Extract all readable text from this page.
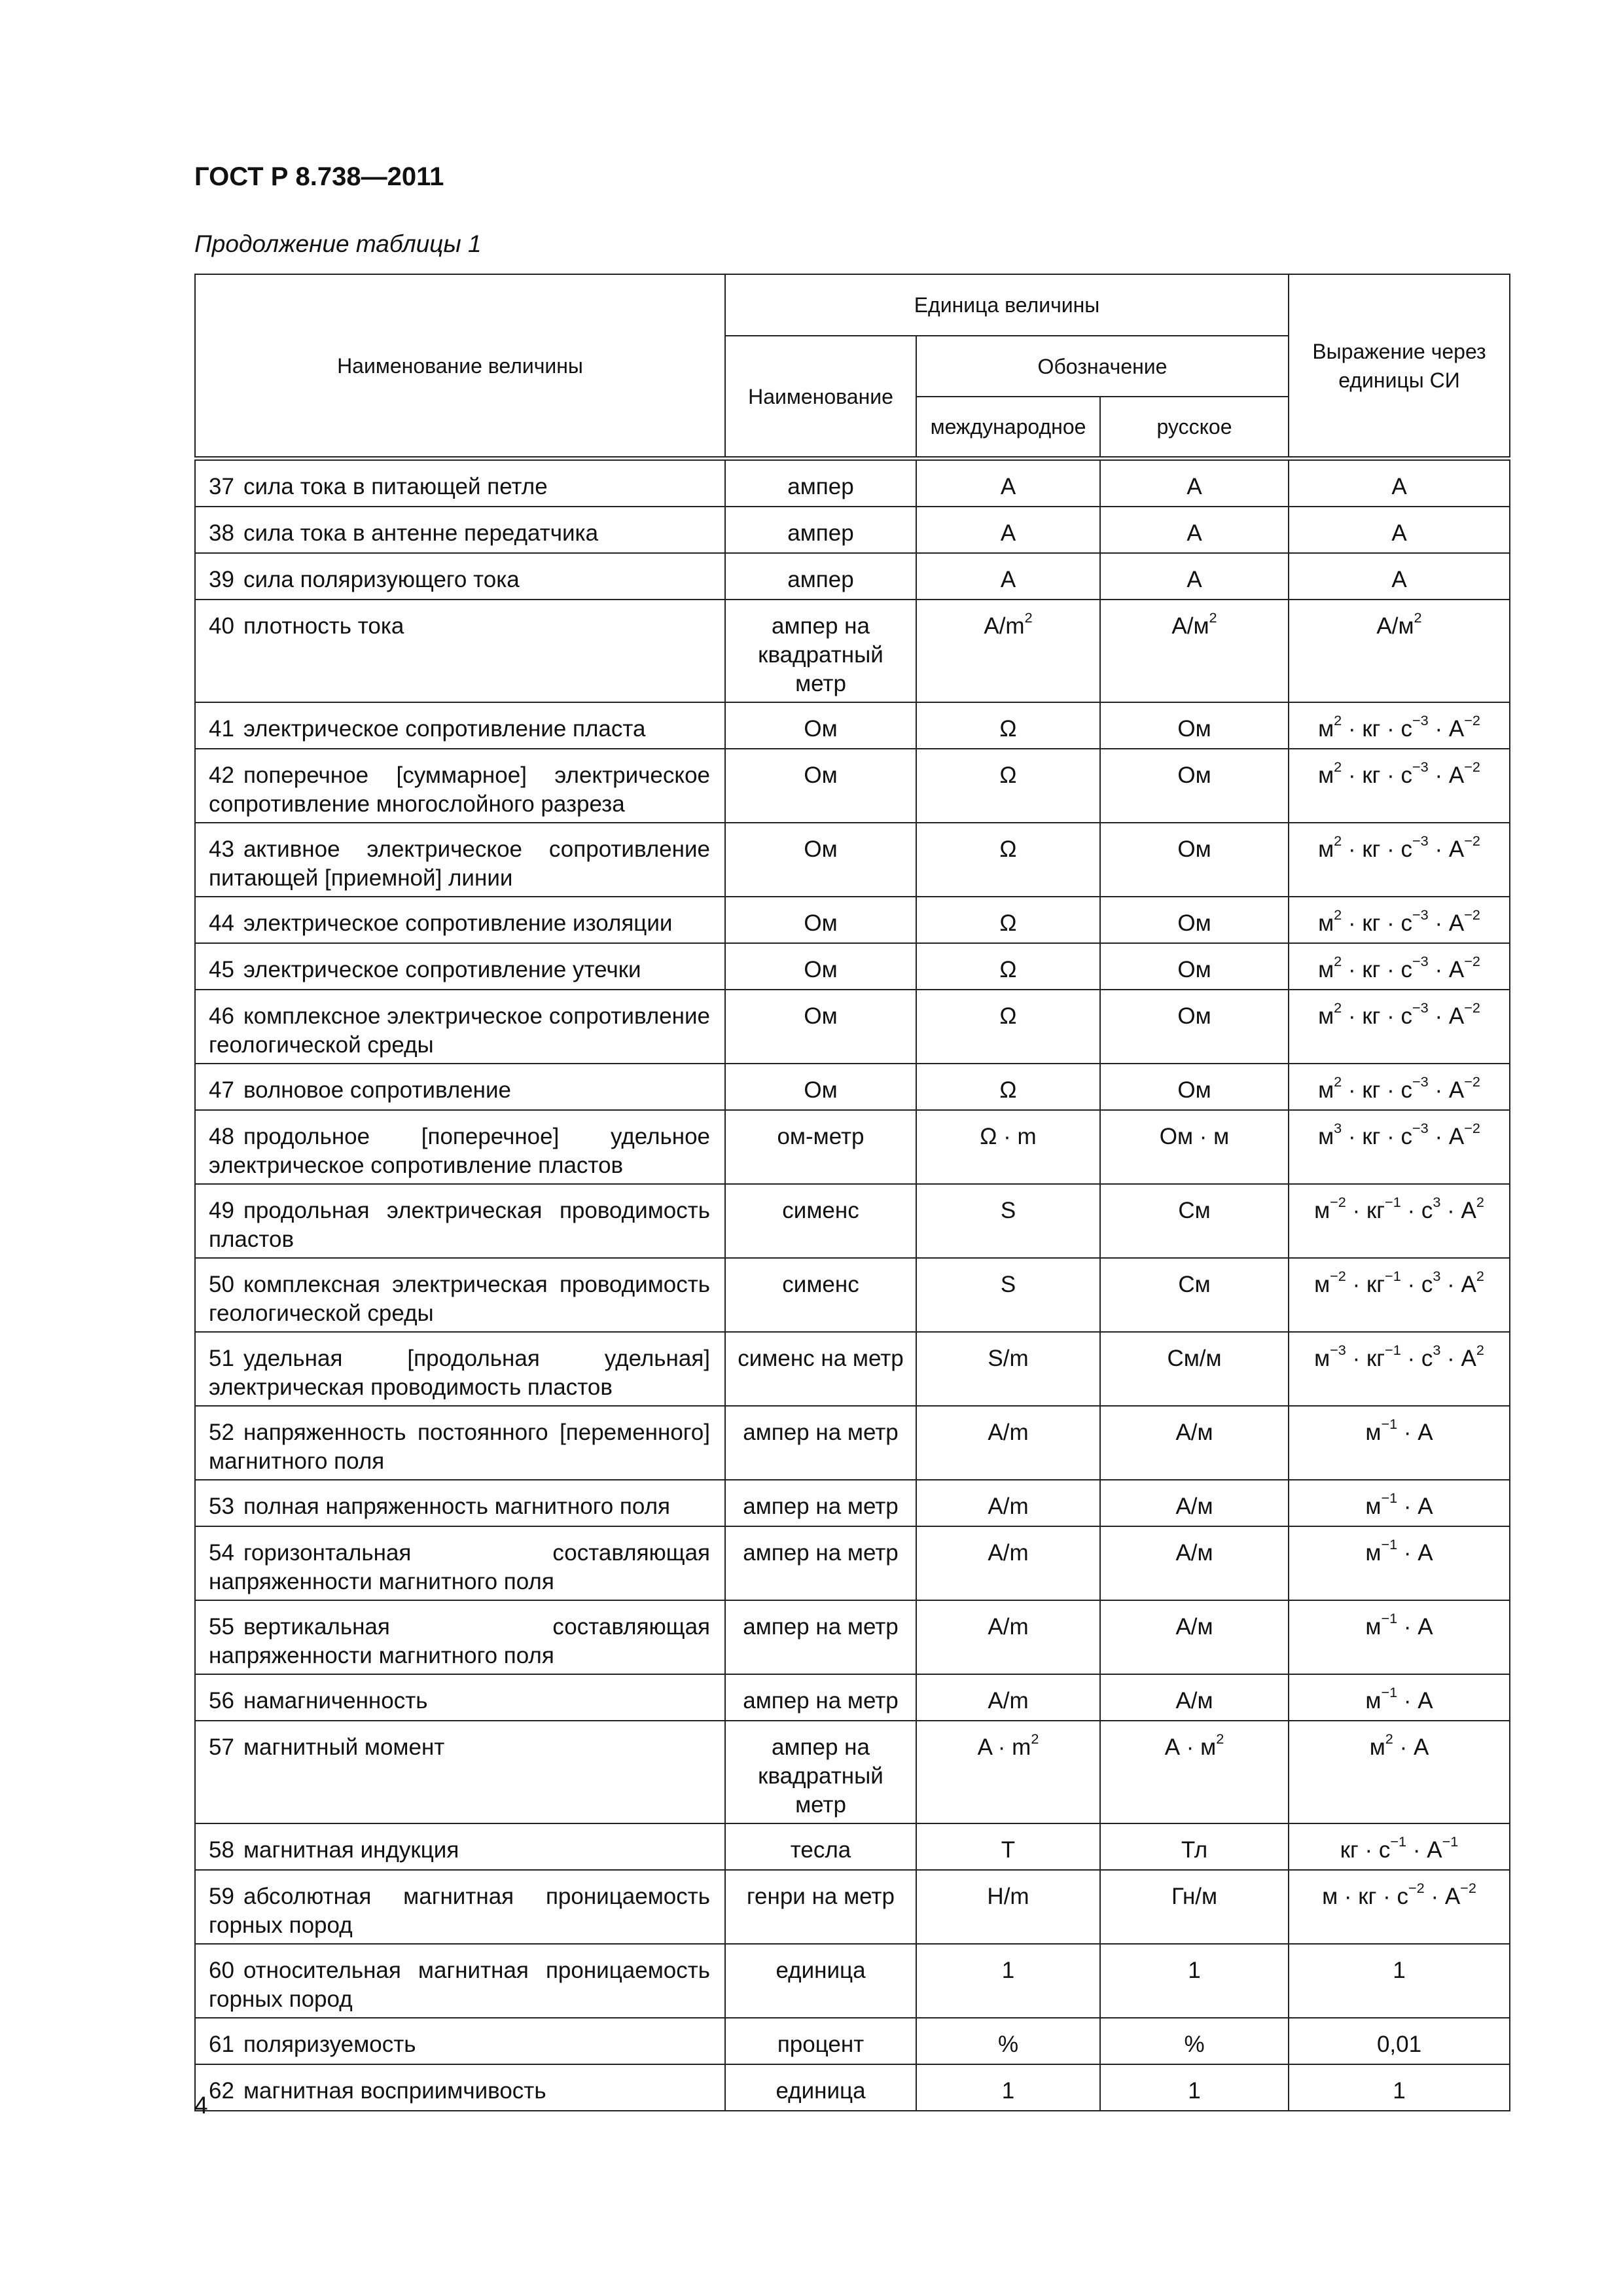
ГОСТ Р 8.738—2011
Продолжение таблицы 1
Наименование величины	Единица величины			Выражение через единицы СИ
	Наименование	Обозначение		
		международное	русское	
37 сила тока в питающей петле	ампер	A	А	А
38 сила тока в антенне передатчика	ампер	A	А	А
39 сила поляризующего тока	ампер	A	А	А
40 плотность тока	ампер на квадратный метр	$A/m^2$	$А/м^2$	$А/м^2$
41 электрическое сопротивление пласта	Ом	Ω	Ом	$м^2$ · кг · $с^{-3} \cdot А^{-2}$
42 поперечное [суммарное] электрическое сопротивление многослойного разреза	Ом	Ω	Ом	$м^2$ · кг · $с^{-3} \cdot А^{-2}$
43 активное электрическое сопротивление питающей [приемной] линии	Ом	Ω	Ом	$м^2$ · кг · $с^{-3} \cdot А^{-2}$
44 электрическое сопротивление изоляции	Ом	Ω	Ом	$м^2$ · кг · $с^{-3} \cdot А^{-2}$
45 электрическое сопротивление утечки	Ом	Ω	Ом	$м^2$ · кг · $с^{-3} \cdot А^{-2}$
46 комплексное электрическое сопротивление геологической среды	Ом	Ω	Ом	$м^2$ · кг · $с^{-3} \cdot А^{-2}$
47 волновое сопротивление	Ом	Ω	Ом	$м^2$ · кг · $с^{-3} \cdot А^{-2}$
48 продольное [поперечное] удельное электрическое сопротивление пластов	ом-метр	Ω · m	Ом · м	$м^3$ · кг · $с^{-3} \cdot А^{-2}$
49 продольная электрическая проводимость пластов	сименс	S	См	$м^{-2} \cdot кг^{-1} \cdot с^3 \cdot А^2$
50 комплексная электрическая проводимость геологической среды	сименс	S	См	$м^{-2} \cdot кг^{-1} \cdot с^3 \cdot А^2$
51 удельная [продольная удельная] электрическая проводимость пластов	сименс на метр	S/m	См/м	$м^{-3} \cdot кг^{-1} \cdot с^3 \cdot А^2$
52 напряженность постоянного [переменного] магнитного поля	ампер на метр	A/m	А/м	$м^{-1} \cdot А$
53 полная напряженность магнитного поля	ампер на метр	A/m	А/м	$м^{-1} \cdot А$
54 горизонтальная составляющая напряженности магнитного поля	ампер на метр	A/m	А/м	$м^{-1} \cdot А$
55 вертикальная составляющая напряженности магнитного поля	ампер на метр	A/m	А/м	$м^{-1} \cdot А$
56 намагниченность	ампер на метр	A/m	А/м	$м^{-1} \cdot А$
57 магнитный момент	ампер на квадратный метр	$A \cdot m^2$	$А \cdot м^2$	$м^2 \cdot А$
58 магнитная индукция	тесла	T	Тл	кг · $с^{-1} \cdot А^{-1}$
59 абсолютная магнитная проницаемость горных пород	генри на метр	H/m	Гн/м	м · кг · $с^{-2} \cdot А^{-2}$
60 относительная магнитная проницаемость горных пород	единица	1	1	1
61 поляризуемость	процент	%	%	0,01
62 магнитная восприимчивость	единица	1	1	1
4
